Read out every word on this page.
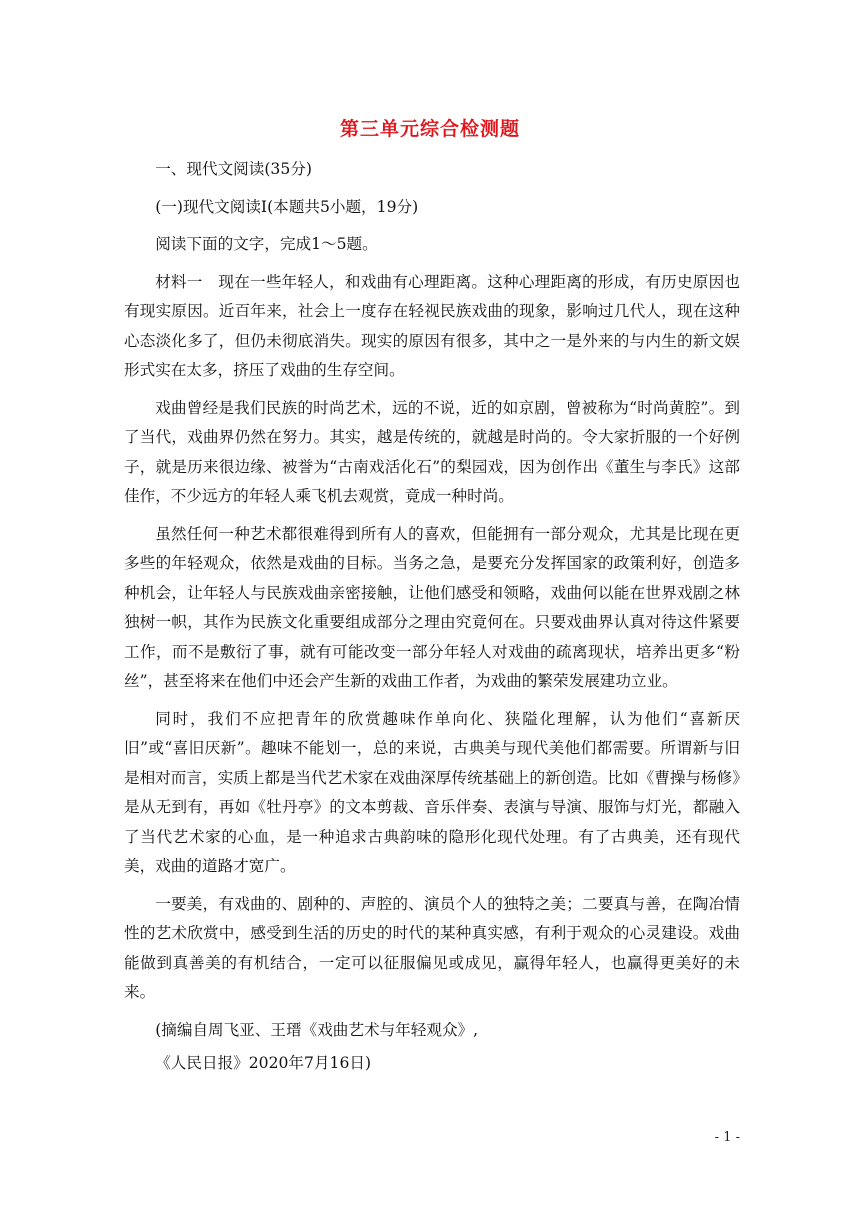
第三单元综合检测题

一、现代文阅读(35分)

(一)现代文阅读Ⅰ(本题共5小题，19分)

阅读下面的文字，完成1～5题。

材料一　现在一些年轻人，和戏曲有心理距离。这种心理距离的形成，有历史原因也有现实原因。近百年来，社会上一度存在轻视民族戏曲的现象，影响过几代人，现在这种心态淡化多了，但仍未彻底消失。现实的原因有很多，其中之一是外来的与内生的新文娱形式实在太多，挤压了戏曲的生存空间。

戏曲曾经是我们民族的时尚艺术，远的不说，近的如京剧，曾被称为“时尚黄腔”。到了当代，戏曲界仍然在努力。其实，越是传统的，就越是时尚的。令大家折服的一个好例子，就是历来很边缘、被誉为“古南戏活化石”的梨园戏，因为创作出《董生与李氏》这部佳作，不少远方的年轻人乘飞机去观赏，竟成一种时尚。

虽然任何一种艺术都很难得到所有人的喜欢，但能拥有一部分观众，尤其是比现在更多些的年轻观众，依然是戏曲的目标。当务之急，是要充分发挥国家的政策利好，创造多种机会，让年轻人与民族戏曲亲密接触，让他们感受和领略，戏曲何以能在世界戏剧之林独树一帜，其作为民族文化重要组成部分之理由究竟何在。只要戏曲界认真对待这件紧要工作，而不是敷衍了事，就有可能改变一部分年轻人对戏曲的疏离现状，培养出更多“粉丝”，甚至将来在他们中还会产生新的戏曲工作者，为戏曲的繁荣发展建功立业。

同时，我们不应把青年的欣赏趣味作单向化、狭隘化理解，认为他们“喜新厌旧”或“喜旧厌新”。趣味不能划一，总的来说，古典美与现代美他们都需要。所谓新与旧是相对而言，实质上都是当代艺术家在戏曲深厚传统基础上的新创造。比如《曹操与杨修》是从无到有，再如《牡丹亭》的文本剪裁、音乐伴奏、表演与导演、服饰与灯光，都融入了当代艺术家的心血，是一种追求古典韵味的隐形化现代处理。有了古典美，还有现代美，戏曲的道路才宽广。

一要美，有戏曲的、剧种的、声腔的、演员个人的独特之美；二要真与善，在陶冶情性的艺术欣赏中，感受到生活的历史的时代的某种真实感，有利于观众的心灵建设。戏曲能做到真善美的有机结合，一定可以征服偏见或成见，赢得年轻人，也赢得更美好的未来。

(摘编自周飞亚、王瑨《戏曲艺术与年轻观众》,

《人民日报》2020年7月16日)

- 1 -
